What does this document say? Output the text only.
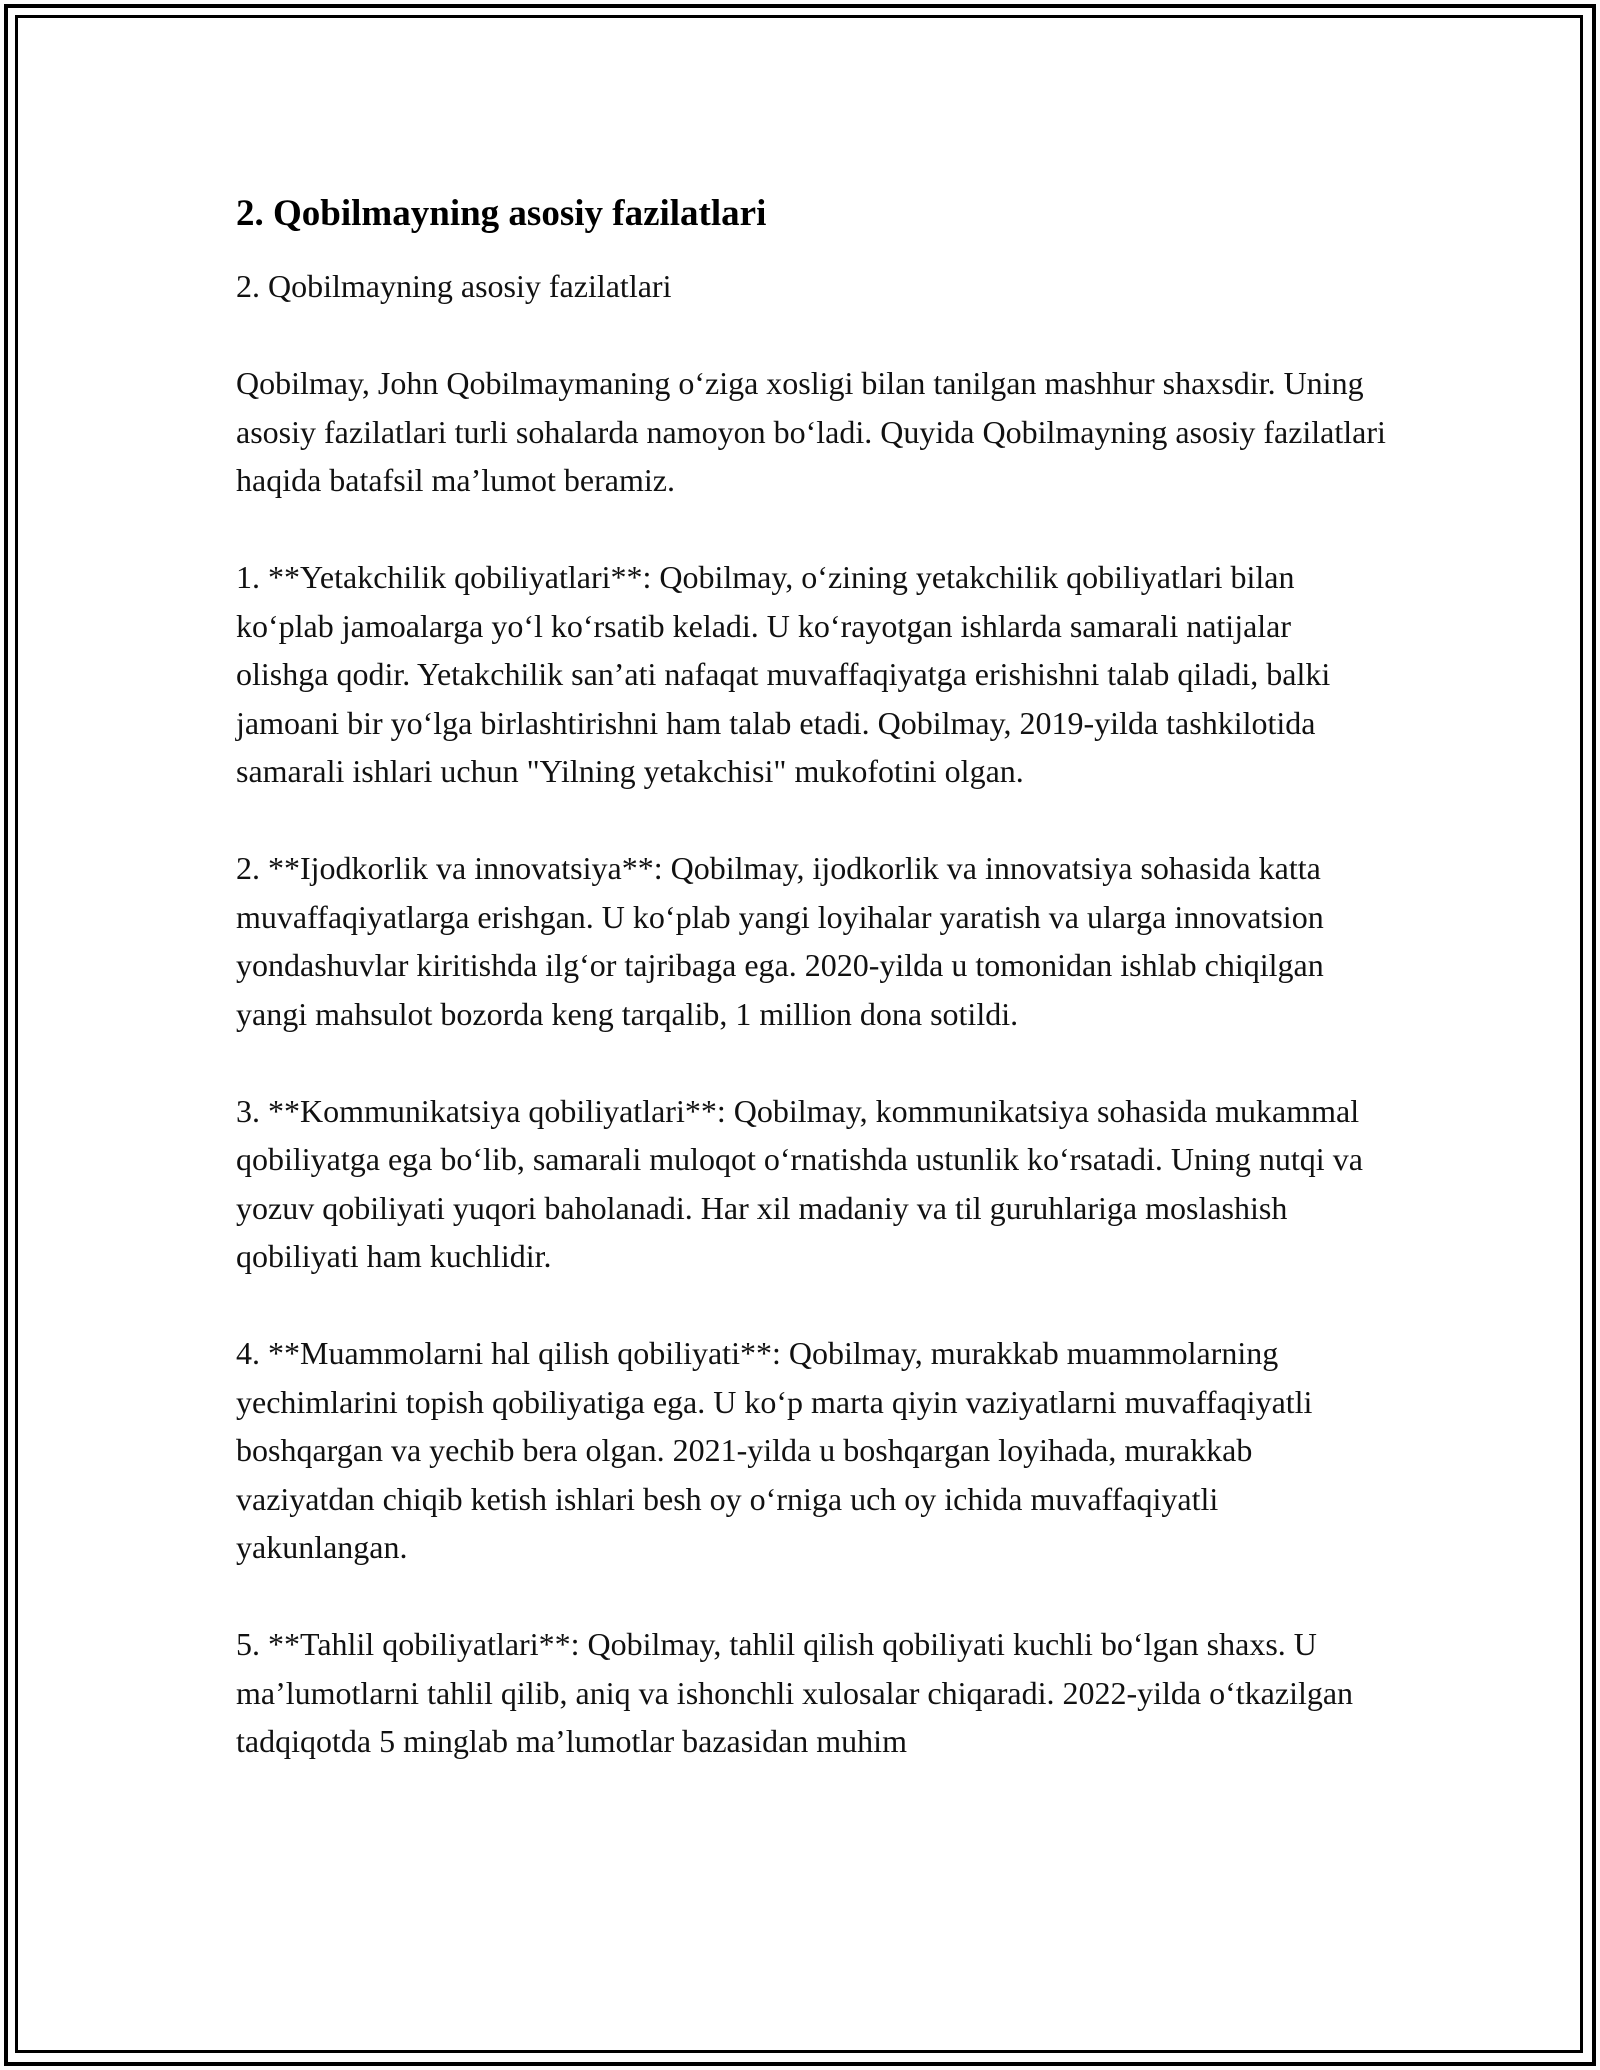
2. Qobilmayning asosiy fazilatlari

2. Qobilmayning asosiy fazilatlari

Qobilmay, John Qobilmaymaning o‘ziga xosligi bilan tanilgan mashhur shaxsdir. Uning asosiy fazilatlari turli sohalarda namoyon bo‘ladi. Quyida Qobilmayning asosiy fazilatlari haqida batafsil ma’lumot beramiz.

1. **Yetakchilik qobiliyatlari**: Qobilmay, o‘zining yetakchilik qobiliyatlari bilan ko‘plab jamoalarga yo‘l ko‘rsatib keladi. U ko‘rayotgan ishlarda samarali natijalar olishga qodir. Yetakchilik san’ati nafaqat muvaffaqiyatga erishishni talab qiladi, balki jamoani bir yo‘lga birlashtirishni ham talab etadi. Qobilmay, 2019-yilda tashkilotida samarali ishlari uchun "Yilning yetakchisi" mukofotini olgan.

2. **Ijodkorlik va innovatsiya**: Qobilmay, ijodkorlik va innovatsiya sohasida katta muvaffaqiyatlarga erishgan. U ko‘plab yangi loyihalar yaratish va ularga innovatsion yondashuvlar kiritishda ilg‘or tajribaga ega. 2020-yilda u tomonidan ishlab chiqilgan yangi mahsulot bozorda keng tarqalib, 1 million dona sotildi.

3. **Kommunikatsiya qobiliyatlari**: Qobilmay, kommunikatsiya sohasida mukammal qobiliyatga ega bo‘lib, samarali muloqot o‘rnatishda ustunlik ko‘rsatadi. Uning nutqi va yozuv qobiliyati yuqori baholanadi. Har xil madaniy va til guruhlariga moslashish qobiliyati ham kuchlidir.

4. **Muammolarni hal qilish qobiliyati**: Qobilmay, murakkab muammolarning yechimlarini topish qobiliyatiga ega. U ko‘p marta qiyin vaziyatlarni muvaffaqiyatli boshqargan va yechib bera olgan. 2021-yilda u boshqargan loyihada, murakkab vaziyatdan chiqib ketish ishlari besh oy o‘rniga uch oy ichida muvaffaqiyatli yakunlangan.

5. **Tahlil qobiliyatlari**: Qobilmay, tahlil qilish qobiliyati kuchli bo‘lgan shaxs. U ma’lumotlarni tahlil qilib, aniq va ishonchli xulosalar chiqaradi. 2022-yilda o‘tkazilgan tadqiqotda 5 minglab ma’lumotlar bazasidan muhim
